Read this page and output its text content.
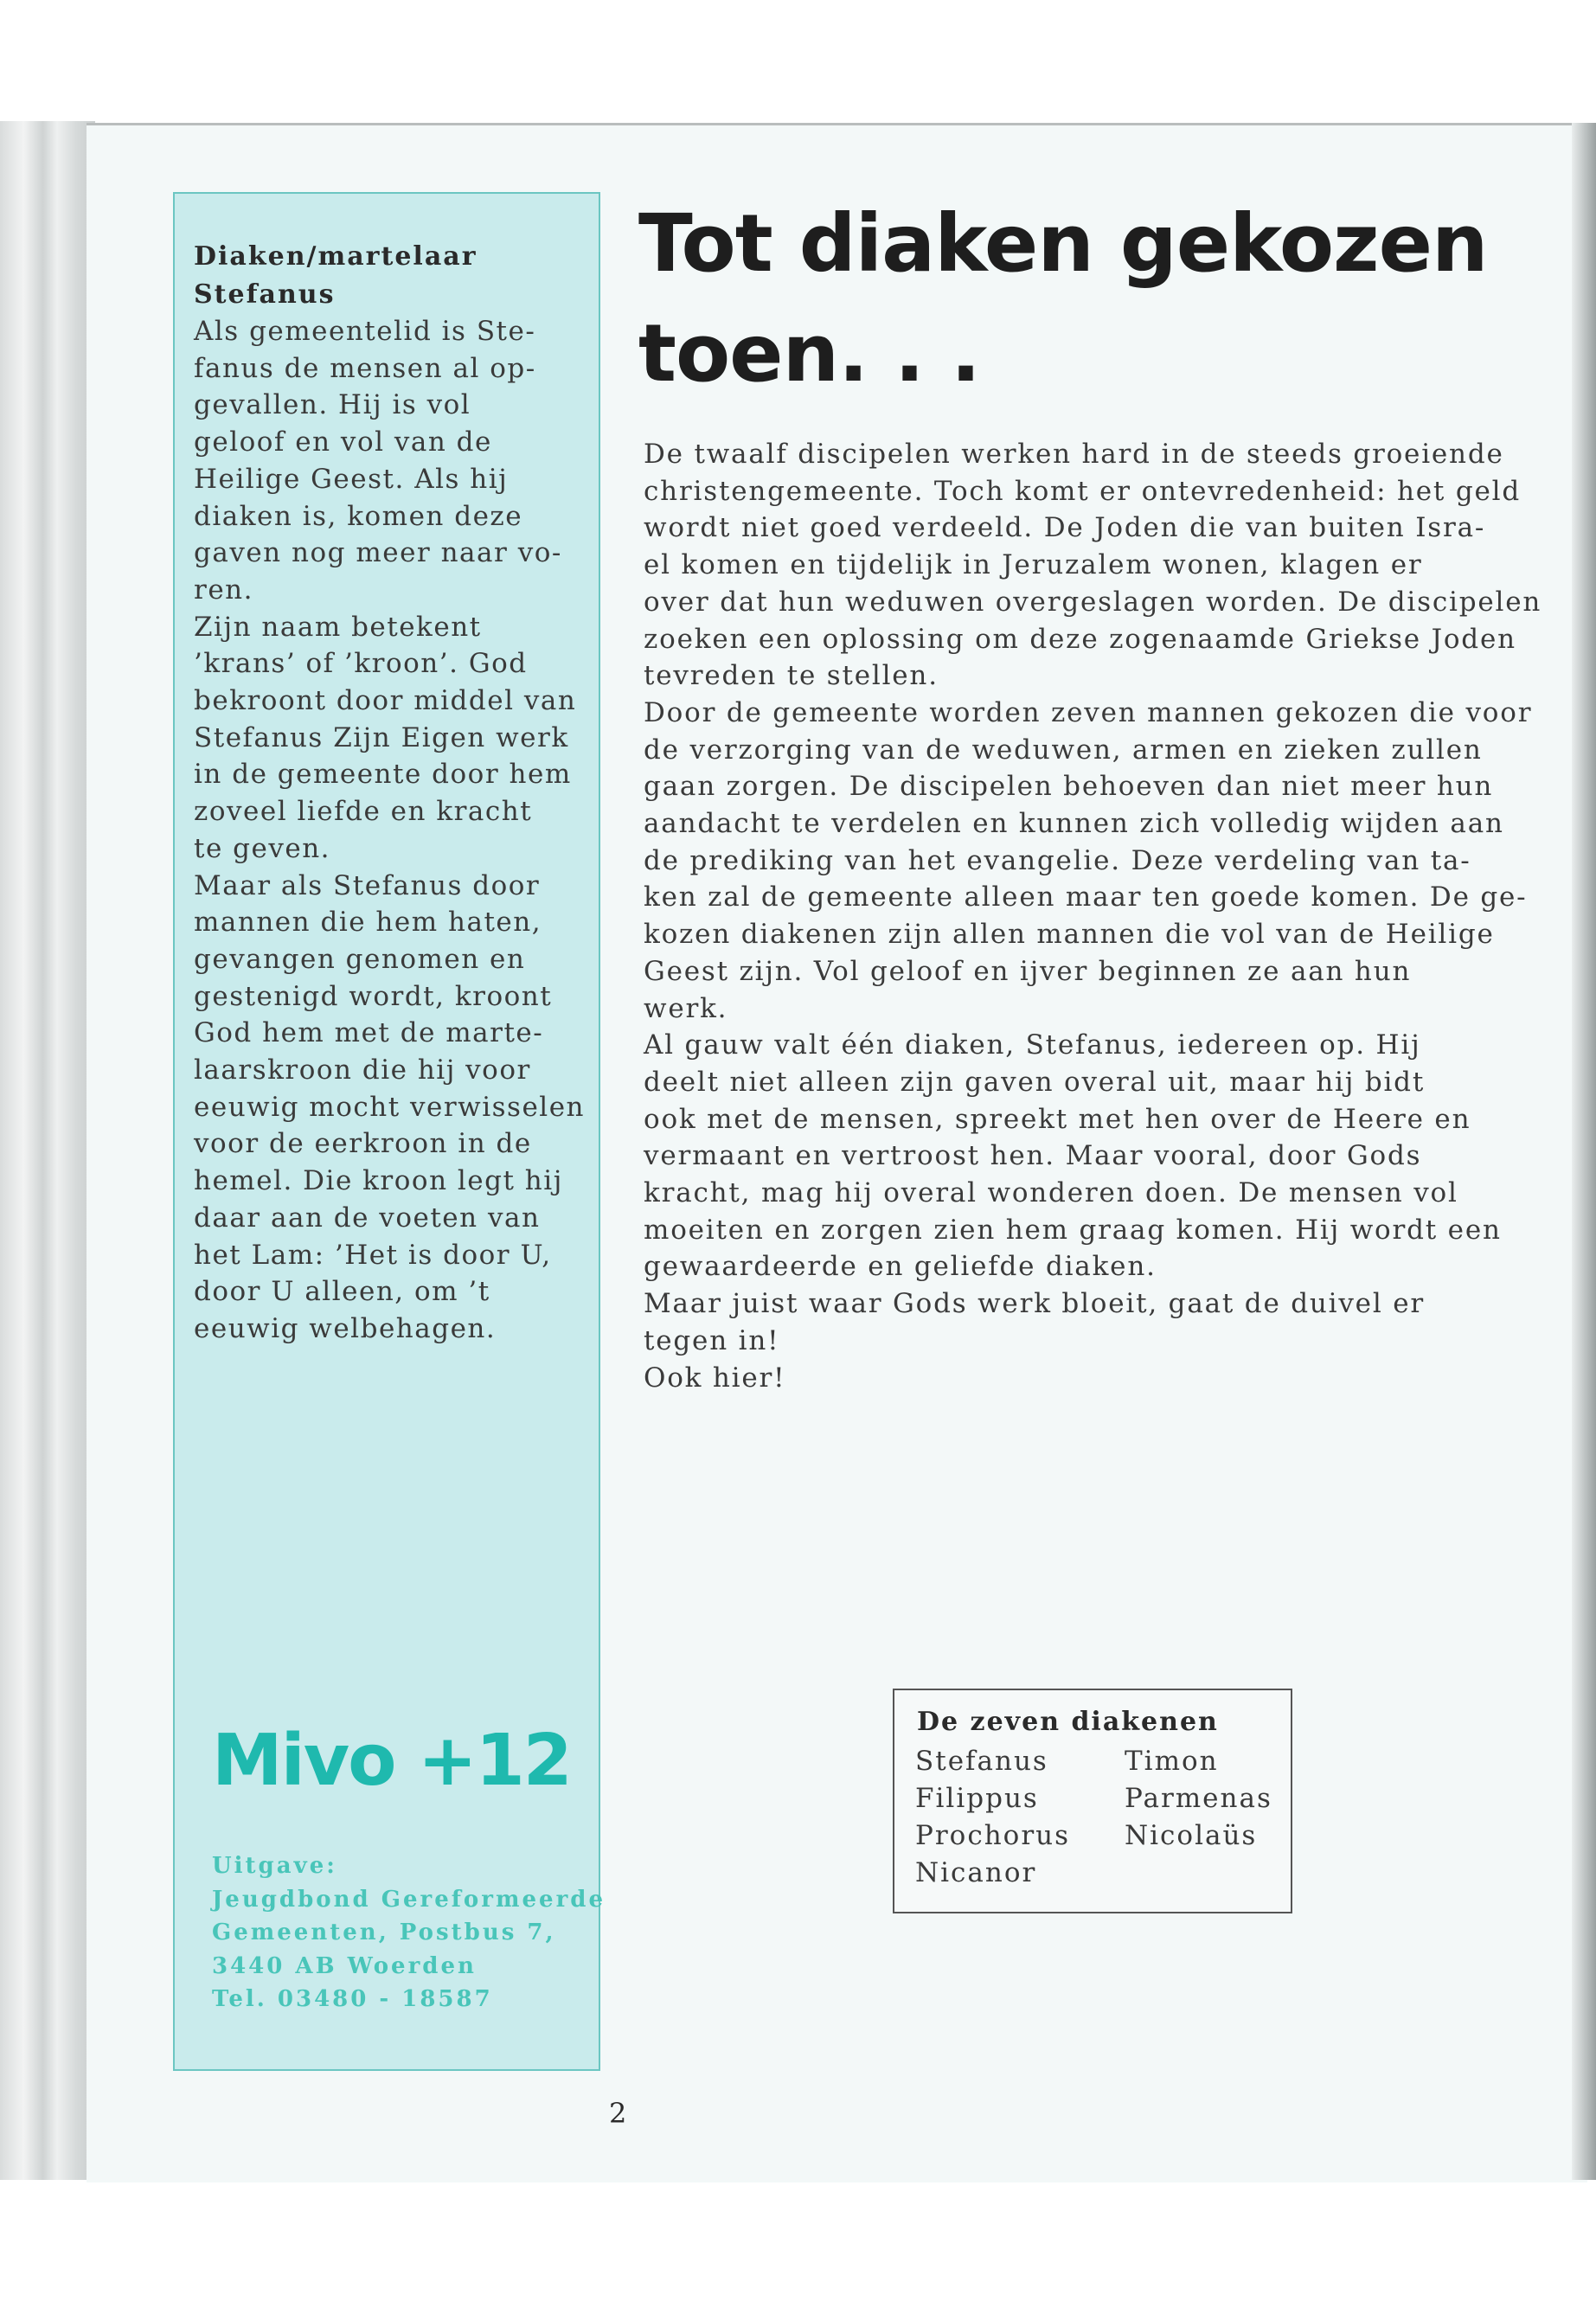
Diaken/martelaar
Stefanus
Als gemeentelid is Ste-
fanus de mensen al op-
gevallen. Hij is vol
geloof en vol van de
Heilige Geest. Als hij
diaken is, komen deze
gaven nog meer naar vo-
ren.
Zijn naam betekent
’krans’ of ’kroon’. God
bekroont door middel van
Stefanus Zijn Eigen werk
in de gemeente door hem
zoveel liefde en kracht
te geven.
Maar als Stefanus door
mannen die hem haten,
gevangen genomen en
gestenigd wordt, kroont
God hem met de marte-
laarskroon die hij voor
eeuwig mocht verwisselen
voor de eerkroon in de
hemel. Die kroon legt hij
daar aan de voeten van
het Lam: ’Het is door U,
door U alleen, om ’t
eeuwig welbehagen.
Mivo +12
Uitgave:
Jeugdbond Gereformeerde
Gemeenten, Postbus 7,
3440 AB Woerden
Tel. 03480 - 18587
Tot diaken gekozen
toen. . .
De twaalf discipelen werken hard in de steeds groeiende
christengemeente. Toch komt er ontevredenheid: het geld
wordt niet goed verdeeld. De Joden die van buiten Isra-
el komen en tijdelijk in Jeruzalem wonen, klagen er
over dat hun weduwen overgeslagen worden. De discipelen
zoeken een oplossing om deze zogenaamde Griekse Joden
tevreden te stellen.
Door de gemeente worden zeven mannen gekozen die voor
de verzorging van de weduwen, armen en zieken zullen
gaan zorgen. De discipelen behoeven dan niet meer hun
aandacht te verdelen en kunnen zich volledig wijden aan
de prediking van het evangelie. Deze verdeling van ta-
ken zal de gemeente alleen maar ten goede komen. De ge-
kozen diakenen zijn allen mannen die vol van de Heilige
Geest zijn. Vol geloof en ijver beginnen ze aan hun
werk.
Al gauw valt één diaken, Stefanus, iedereen op. Hij
deelt niet alleen zijn gaven overal uit, maar hij bidt
ook met de mensen, spreekt met hen over de Heere en
vermaant en vertroost hen. Maar vooral, door Gods
kracht, mag hij overal wonderen doen. De mensen vol
moeiten en zorgen zien hem graag komen. Hij wordt een
gewaardeerde en geliefde diaken.
Maar juist waar Gods werk bloeit, gaat de duivel er
tegen in!
Ook hier!
De zeven diakenen
Stefanus
Filippus
Prochorus
Nicanor
Timon
Parmenas
Nicolaüs
2
